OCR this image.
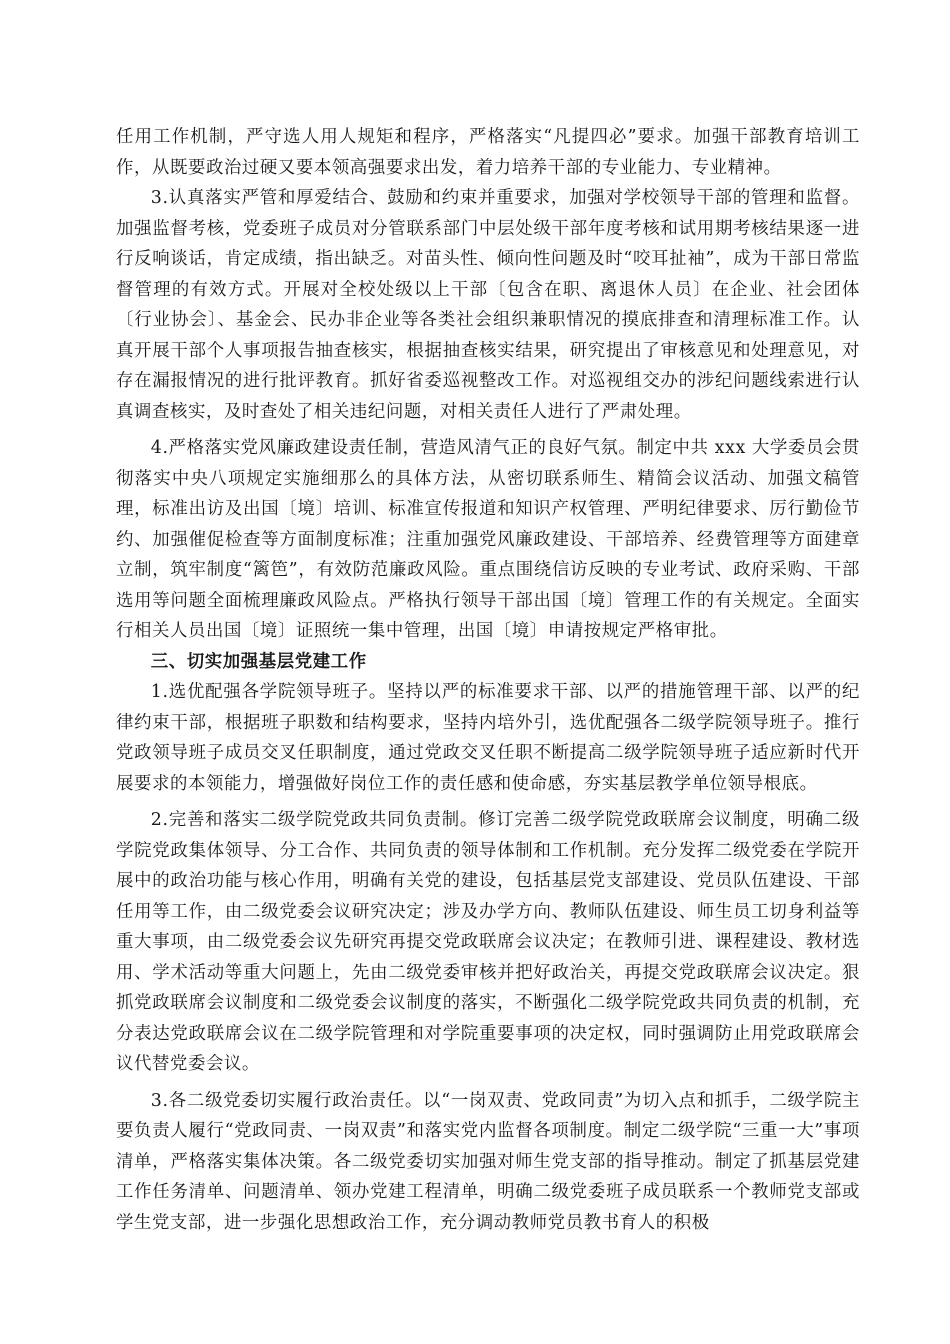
任用工作机制，严守选人用人规矩和程序，严格落实“凡提四必”要求。加强干部教育培训工作，从既要政治过硬又要本领高强要求出发，着力培养干部的专业能力、专业精神。

3.认真落实严管和厚爱结合、鼓励和约束并重要求，加强对学校领导干部的管理和监督。加强监督考核，党委班子成员对分管联系部门中层处级干部年度考核和试用期考核结果逐一进行反响谈话，肯定成绩，指出缺乏。对苗头性、倾向性问题及时“咬耳扯袖”，成为干部日常监督管理的有效方式。开展对全校处级以上干部〔包含在职、离退休人员〕在企业、社会团体〔行业协会〕、基金会、民办非企业等各类社会组织兼职情况的摸底排查和清理标准工作。认真开展干部个人事项报告抽查核实，根据抽查核实结果，研究提出了审核意见和处理意见，对存在漏报情况的进行批评教育。抓好省委巡视整改工作。对巡视组交办的涉纪问题线索进行认真调查核实，及时查处了相关违纪问题，对相关责任人进行了严肃处理。

4.严格落实党风廉政建设责任制，营造风清气正的良好气氛。制定中共 xxx 大学委员会贯彻落实中央八项规定实施细那么的具体方法，从密切联系师生、精简会议活动、加强文稿管理，标准出访及出国〔境〕培训、标准宣传报道和知识产权管理、严明纪律要求、厉行勤俭节约、加强催促检查等方面制度标准；注重加强党风廉政建设、干部培养、经费管理等方面建章立制，筑牢制度“篱笆”，有效防范廉政风险。重点围绕信访反映的专业考试、政府采购、干部选用等问题全面梳理廉政风险点。严格执行领导干部出国〔境〕管理工作的有关规定。全面实行相关人员出国〔境〕证照统一集中管理，出国〔境〕申请按规定严格审批。

三、切实加强基层党建工作

1.选优配强各学院领导班子。坚持以严的标准要求干部、以严的措施管理干部、以严的纪律约束干部，根据班子职数和结构要求，坚持内培外引，选优配强各二级学院领导班子。推行党政领导班子成员交叉任职制度，通过党政交叉任职不断提高二级学院领导班子适应新时代开展要求的本领能力，增强做好岗位工作的责任感和使命感，夯实基层教学单位领导根底。

2.完善和落实二级学院党政共同负责制。修订完善二级学院党政联席会议制度，明确二级学院党政集体领导、分工合作、共同负责的领导体制和工作机制。充分发挥二级党委在学院开展中的政治功能与核心作用，明确有关党的建设，包括基层党支部建设、党员队伍建设、干部任用等工作，由二级党委会议研究决定；涉及办学方向、教师队伍建设、师生员工切身利益等重大事项，由二级党委会议先研究再提交党政联席会议决定；在教师引进、课程建设、教材选用、学术活动等重大问题上，先由二级党委审核并把好政治关，再提交党政联席会议决定。狠抓党政联席会议制度和二级党委会议制度的落实，不断强化二级学院党政共同负责的机制，充分表达党政联席会议在二级学院管理和对学院重要事项的决定权，同时强调防止用党政联席会议代替党委会议。

3.各二级党委切实履行政治责任。以“一岗双责、党政同责”为切入点和抓手，二级学院主要负责人履行“党政同责、一岗双责”和落实党内监督各项制度。制定二级学院“三重一大”事项清单，严格落实集体决策。各二级党委切实加强对师生党支部的指导推动。制定了抓基层党建工作任务清单、问题清单、领办党建工程清单，明确二级党委班子成员联系一个教师党支部或学生党支部，进一步强化思想政治工作，充分调动教师党员教书育人的积极
